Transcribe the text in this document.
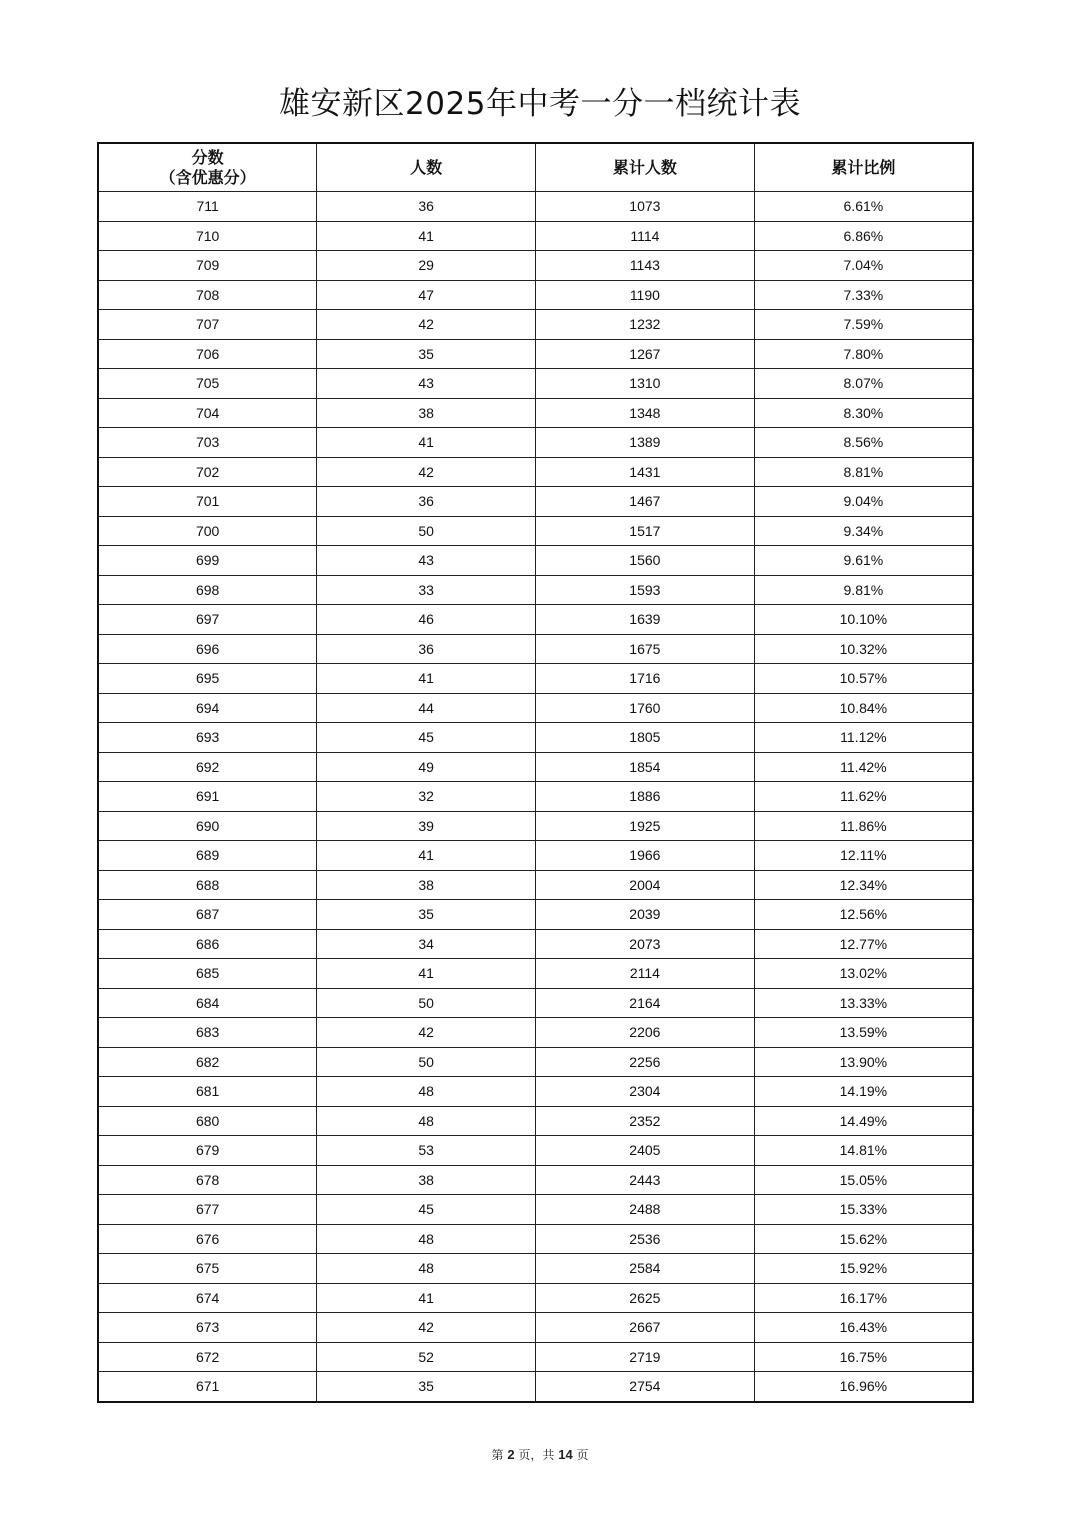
雄安新区2025年中考一分一档统计表
分数
（含优惠分）	人数	累计人数	累计比例
711	36	1073	6.61%
710	41	1114	6.86%
709	29	1143	7.04%
708	47	1190	7.33%
707	42	1232	7.59%
706	35	1267	7.80%
705	43	1310	8.07%
704	38	1348	8.30%
703	41	1389	8.56%
702	42	1431	8.81%
701	36	1467	9.04%
700	50	1517	9.34%
699	43	1560	9.61%
698	33	1593	9.81%
697	46	1639	10.10%
696	36	1675	10.32%
695	41	1716	10.57%
694	44	1760	10.84%
693	45	1805	11.12%
692	49	1854	11.42%
691	32	1886	11.62%
690	39	1925	11.86%
689	41	1966	12.11%
688	38	2004	12.34%
687	35	2039	12.56%
686	34	2073	12.77%
685	41	2114	13.02%
684	50	2164	13.33%
683	42	2206	13.59%
682	50	2256	13.90%
681	48	2304	14.19%
680	48	2352	14.49%
679	53	2405	14.81%
678	38	2443	15.05%
677	45	2488	15.33%
676	48	2536	15.62%
675	48	2584	15.92%
674	41	2625	16.17%
673	42	2667	16.43%
672	52	2719	16.75%
671	35	2754	16.96%
第 2 页，共 14 页
